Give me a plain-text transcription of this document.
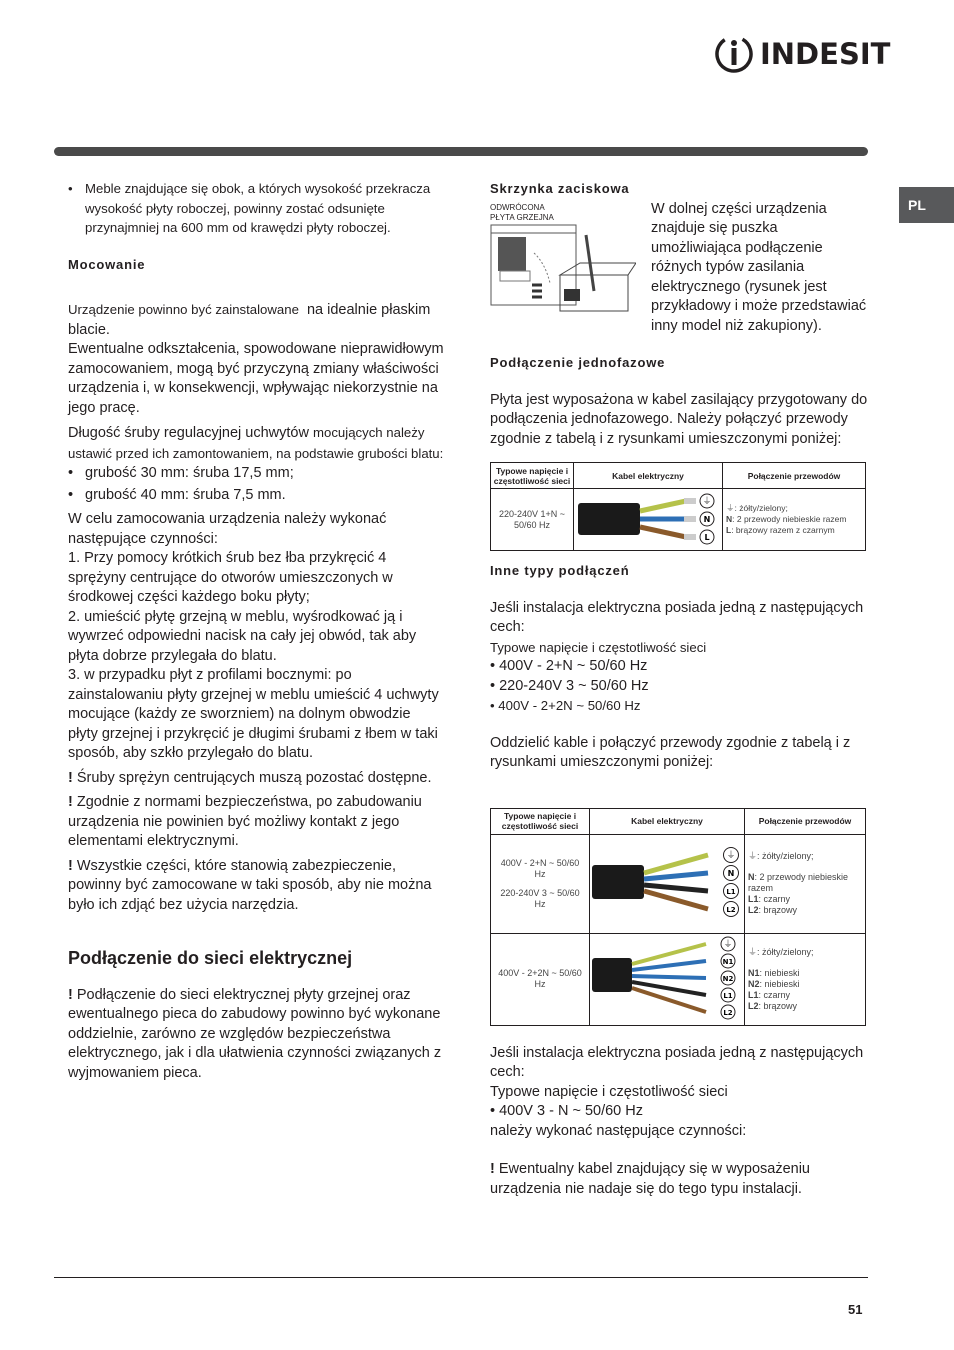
INDESIT
PL
• Meble znajdujące się obok, a których wysokość przekracza wysokość płyty roboczej, powinny zostać odsunięte przynajmniej na 600 mm od krawędzi płyty roboczej.

Mocowanie

Urządzenie powinno być zainstalowane na idealnie płaskim blacie.

Ewentualne odkształcenia, spowodowane nieprawidłowym zamocowaniem, mogą być przyczyną zmiany właściwości urządzenia i, w konsekwencji, wpływając niekorzystnie na jego pracę.

Długość śruby regulacyjnej uchwytów mocujących należy ustawić przed ich zamontowaniem, na podstawie grubości blatu:

• grubość 30 mm: śruba 17,5 mm;
• grubość 40 mm: śruba 7,5 mm.

W celu zamocowania urządzenia należy wykonać następujące czynności:

1. Przy pomocy krótkich śrub bez łba przykręcić 4 sprężyny centrujące do otworów umieszczonych w środkowej części każdego boku płyty;

2. umieścić płytę grzejną w meblu, wyśrodkować ją i wywrzeć odpowiedni nacisk na cały jej obwód, tak aby płyta dobrze przylegała do blatu.

3. w przypadku płyt z profilami bocznymi: po zainstalowaniu płyty grzejnej w meblu umieścić 4 uchwyty mocujące (każdy ze sworzniem) na dolnym obwodzie płyty grzejnej i przykręcić je długimi śrubami z łbem w taki sposób, aby szkło przylegało do blatu.

! Śruby sprężyn centrujących muszą pozostać dostępne.

! Zgodnie z normami bezpieczeństwa, po zabudowaniu urządzenia nie powinien być możliwy kontakt z jego elementami elektrycznymi.

! Wszystkie części, które stanowią zabezpieczenie, powinny być zamocowane w taki sposób, aby nie można było ich zdjąć bez użycia narzędzia.

Podłączenie do sieci elektrycznej

! Podłączenie do sieci elektrycznej płyty grzejnej oraz ewentualnego pieca do zabudowy powinno być wykonane oddzielnie, zarówno ze względów bezpieczeństwa elektrycznego, jak i dla ułatwienia czynności związanych z wyjmowaniem pieca.

Skrzynka zaciskowa

ODWRÓCONA
PŁYTA GRZEJNA

W dolnej części urządzenia znajduje się puszka umożliwiająca podłączenie różnych typów zasilania elektrycznego (rysunek jest przykładowy i może przedstawiać inny model niż zakupiony).

Podłączenie jednofazowe

Płyta jest wyposażona w kabel zasilający przygotowany do podłączenia jednofazowego. Należy połączyć przewody zgodnie z tabelą i z rysunkami umieszczonymi poniżej:

Typowe napięcie i częstotliwość sieci	Kabel elektryczny	Połączenie przewodów
220-240V 1+N ~ 50/60 Hz	⏚
N
L	⏚: żółty/zielony;
N: 2 przewody niebieskie razem
L: brązowy razem z czarnym

Inne typy podłączeń

Jeśli instalacja elektryczna posiada jedną z następujących cech:

Typowe napięcie i częstotliwość sieci

• 400V - 2+N ~ 50/60 Hz

• 220-240V 3 ~ 50/60 Hz

• 400V - 2+2N ~ 50/60 Hz

Oddzielić kable i połączyć przewody zgodnie z tabelą i z rysunkami umieszczonymi poniżej:

Typowe napięcie i częstotliwość sieci	Kabel elektryczny	Połączenie przewodów

400V - 2+N ~ 50/60 Hz
220-240V 3 ~ 50/60 Hz	⏚
N
L1
L2	⏚: żółty/zielony;
N: 2 przewody niebieskie razem
L1: czarny
L2: brązowy

400V - 2+2N ~ 50/60 Hz	⏚
N1
N2
L1
L2	⏚: żółty/zielony;
N1: niebieski
N2: niebieski
L1: czarny
L2: brązowy

Jeśli instalacja elektryczna posiada jedną z następujących cech:

Typowe napięcie i częstotliwość sieci

• 400V 3 - N ~ 50/60 Hz

należy wykonać następujące czynności:

! Ewentualny kabel znajdujący się w wyposażeniu urządzenia nie nadaje się do tego typu instalacji.

51
